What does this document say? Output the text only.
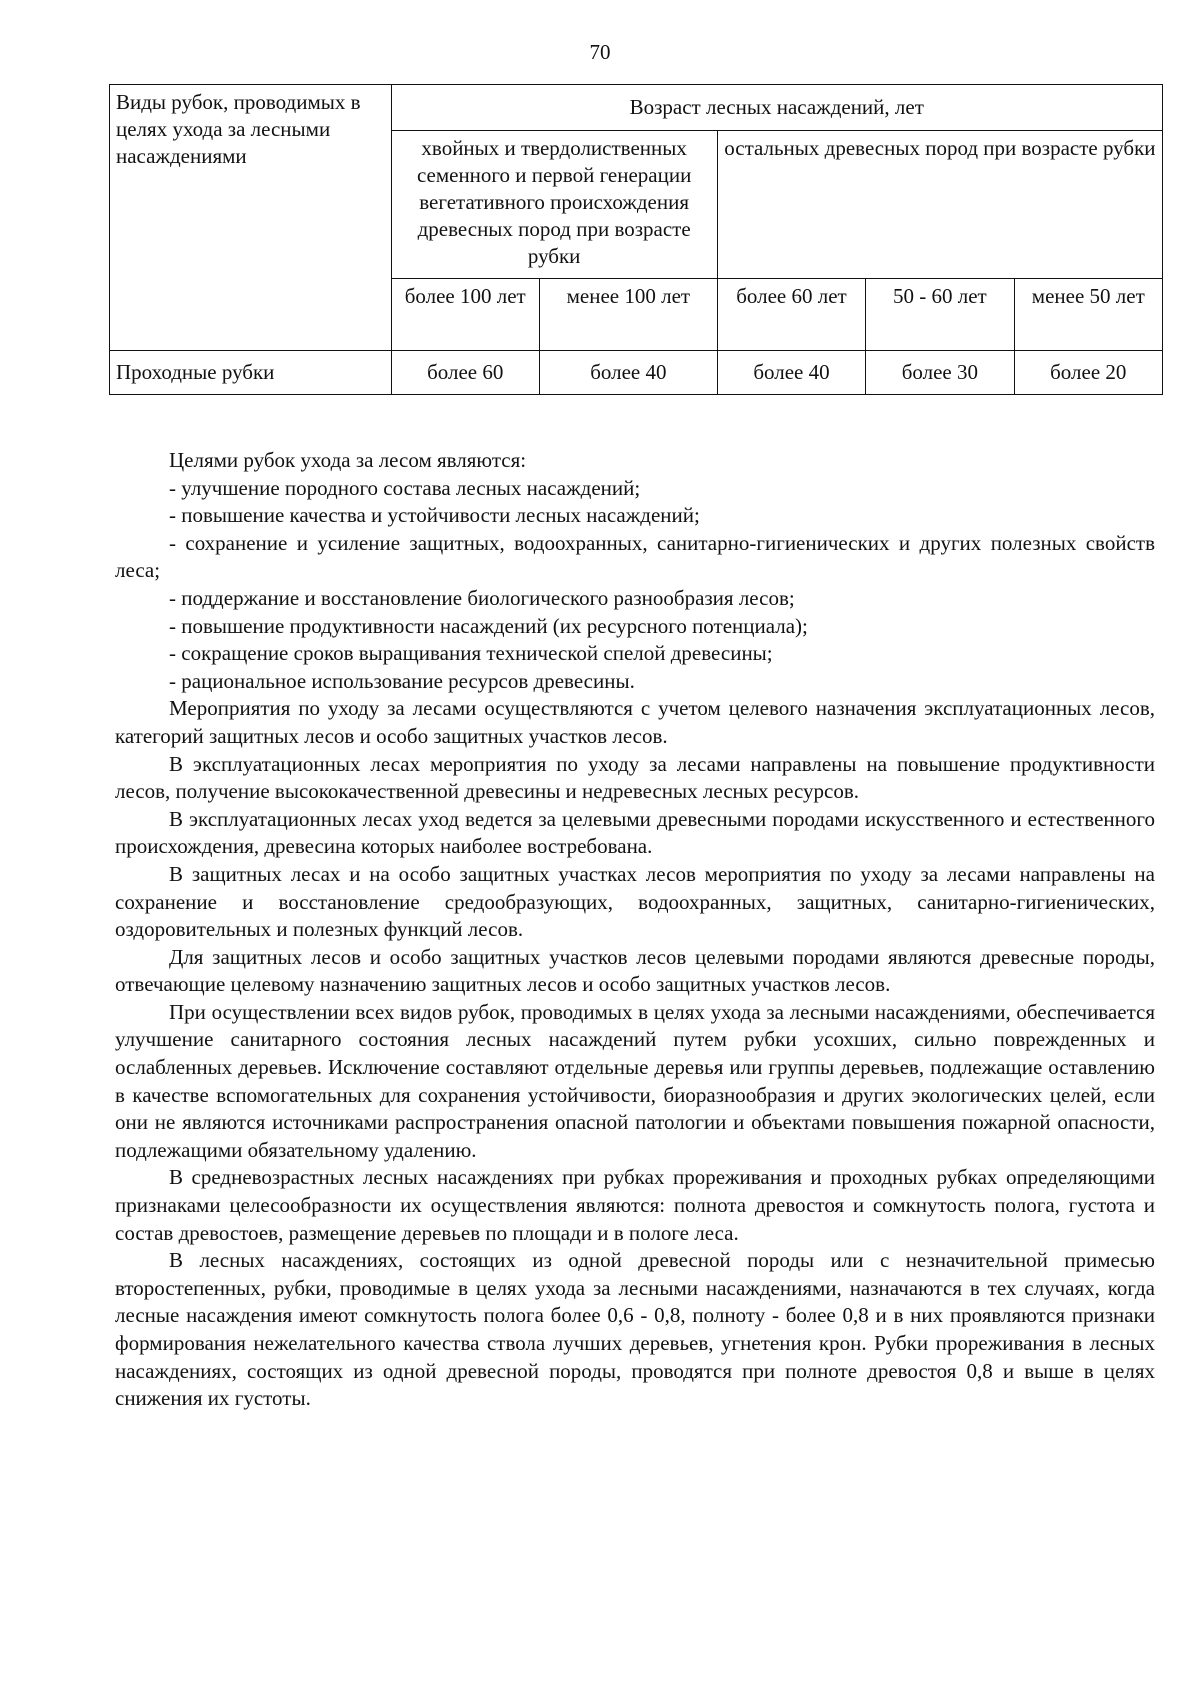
70
Виды рубок, проводимых в целях ухода за лесными насаждениями	Возраст лесных насаждений, лет				
	хвойных и твердолиственных семенного и первой генерации вегетативного происхождения древесных пород при возрасте рубки		остальных древесных пород при возрасте рубки		
	более 100 лет	менее 100 лет	более 60 лет	50 - 60 лет	менее 50 лет
Проходные рубки	более 60	более 40	более 40	более 30	более 20

Целями рубок ухода за лесом являются:

- улучшение породного состава лесных насаждений;

- повышение качества и устойчивости лесных насаждений;

- сохранение и усиление защитных, водоохранных, санитарно-гигиенических и других полезных свойств леса;

- поддержание и восстановление биологического разнообразия лесов;

- повышение продуктивности насаждений (их ресурсного потенциала);

- сокращение сроков выращивания технической спелой древесины;

- рациональное использование ресурсов древесины.

Мероприятия по уходу за лесами осуществляются с учетом целевого назначения эксплуатационных лесов, категорий защитных лесов и особо защитных участков лесов.

В эксплуатационных лесах мероприятия по уходу за лесами направлены на повышение продуктивности лесов, получение высококачественной древесины и недревесных лесных ресурсов.

В эксплуатационных лесах уход ведется за целевыми древесными породами искусственного и естественного происхождения, древесина которых наиболее востребована.

В защитных лесах и на особо защитных участках лесов мероприятия по уходу за лесами направлены на сохранение и восстановление средообразующих, водоохранных, защитных, санитарно-гигиенических, оздоровительных и полезных функций лесов.

Для защитных лесов и особо защитных участков лесов целевыми породами являются древесные породы, отвечающие целевому назначению защитных лесов и особо защитных участков лесов.

При осуществлении всех видов рубок, проводимых в целях ухода за лесными насаждениями, обеспечивается улучшение санитарного состояния лесных насаждений путем рубки усохших, сильно поврежденных и ослабленных деревьев. Исключение составляют отдельные деревья или группы деревьев, подлежащие оставлению в качестве вспомогательных для сохранения устойчивости, биоразнообразия и других экологических целей, если они не являются источниками распространения опасной патологии и объектами повышения пожарной опасности, подлежащими обязательному удалению.

В средневозрастных лесных насаждениях при рубках прореживания и проходных рубках определяющими признаками целесообразности их осуществления являются: полнота древостоя и сомкнутость полога, густота и состав древостоев, размещение деревьев по площади и в пологе леса.

В лесных насаждениях, состоящих из одной древесной породы или с незначительной примесью второстепенных, рубки, проводимые в целях ухода за лесными насаждениями, назначаются в тех случаях, когда лесные насаждения имеют сомкнутость полога более 0,6 - 0,8, полноту - более 0,8 и в них проявляются признаки формирования нежелательного качества ствола лучших деревьев, угнетения крон. Рубки прореживания в лесных насаждениях, состоящих из одной древесной породы, проводятся при полноте древостоя 0,8 и выше в целях снижения их густоты.
